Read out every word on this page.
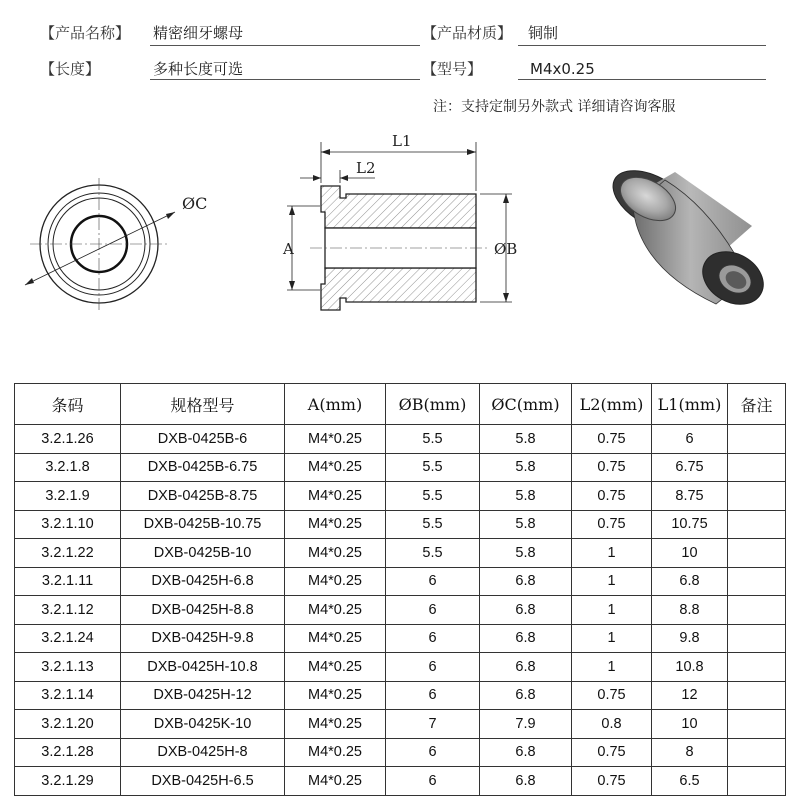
【产品名称】 精密细牙螺母	【产品材质】 铜制
【长度】	多种长度可选	【型号】	M4x0.25
注：支持定制另外款式 详细请咨询客服
ØC
L1
L2
A	ØB
条码	规格型号	A(mm)	ØB(mm)	ØC(mm)	L2(mm)	L1(mm)	备注
3.2.1.26	DXB-0425B-6	M4*0.25	5.5	5.8	0.75	6	
3.2.1.8	DXB-0425B-6.75	M4*0.25	5.5	5.8	0.75	6.75	
3.2.1.9	DXB-0425B-8.75	M4*0.25	5.5	5.8	0.75	8.75	
3.2.1.10	DXB-0425B-10.75	M4*0.25	5.5	5.8	0.75	10.75	
3.2.1.22	DXB-0425B-10	M4*0.25	5.5	5.8	1	10	
3.2.1.11	DXB-0425H-6.8	M4*0.25	6	6.8	1	6.8	
3.2.1.12	DXB-0425H-8.8	M4*0.25	6	6.8	1	8.8	
3.2.1.24	DXB-0425H-9.8	M4*0.25	6	6.8	1	9.8	
3.2.1.13	DXB-0425H-10.8	M4*0.25	6	6.8	1	10.8	
3.2.1.14	DXB-0425H-12	M4*0.25	6	6.8	0.75	12	
3.2.1.20	DXB-0425K-10	M4*0.25	7	7.9	0.8	10	
3.2.1.28	DXB-0425H-8	M4*0.25	6	6.8	0.75	8	
3.2.1.29	DXB-0425H-6.5	M4*0.25	6	6.8	0.75	6.5	
